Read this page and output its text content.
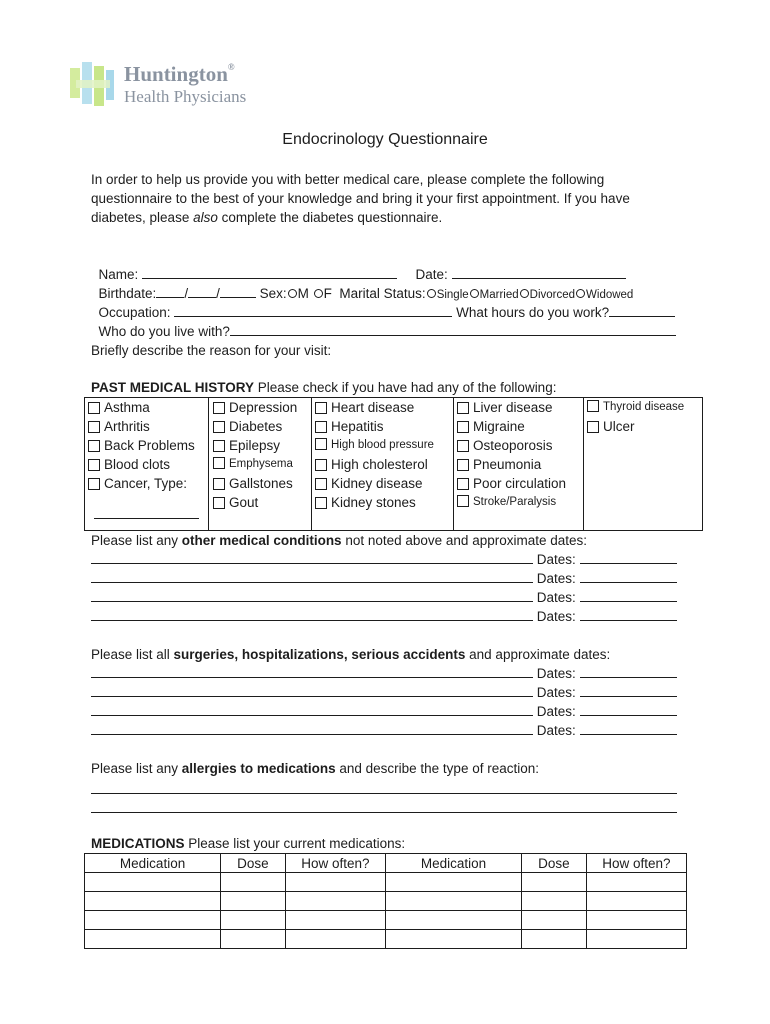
Huntington®
Health Physicians
Endocrinology Questionnaire
In order to help us provide you with better medical care, please complete the following
questionnaire to the best of your knowledge and bring it your first appointment. If you have
diabetes, please also complete the diabetes questionnaire.

Name:	Date:

Birthdate: / /	Sex: M F Marital Status: Single Married Divorced Widowed

Occupation:	What hours do you work?

Who do you live with?

Briefly describe the reason for your visit:
PAST MEDICAL HISTORY Please check if you have had any of the following:
Asthma
Arthritis
Back Problems
Blood clots
Cancer, Type:
Depression
Diabetes
Epilepsy
Emphysema
Gallstones
Gout
Heart disease
Hepatitis
High blood pressure
High cholesterol
Kidney disease
Kidney stones
Liver disease
Migraine
Osteoporosis
Pneumonia
Poor circulation
Stroke/Paralysis
Thyroid disease
Ulcer
Please list any other medical conditions not noted above and approximate dates:
Dates:
Dates:
Dates:
Dates:
Please list all surgeries, hospitalizations, serious accidents and approximate dates:
Dates:
Dates:
Dates:
Dates:
Please list any allergies to medications and describe the type of reaction:
MEDICATIONS Please list your current medications:
Medication	Dose	How often?	Medication	Dose	How often?
